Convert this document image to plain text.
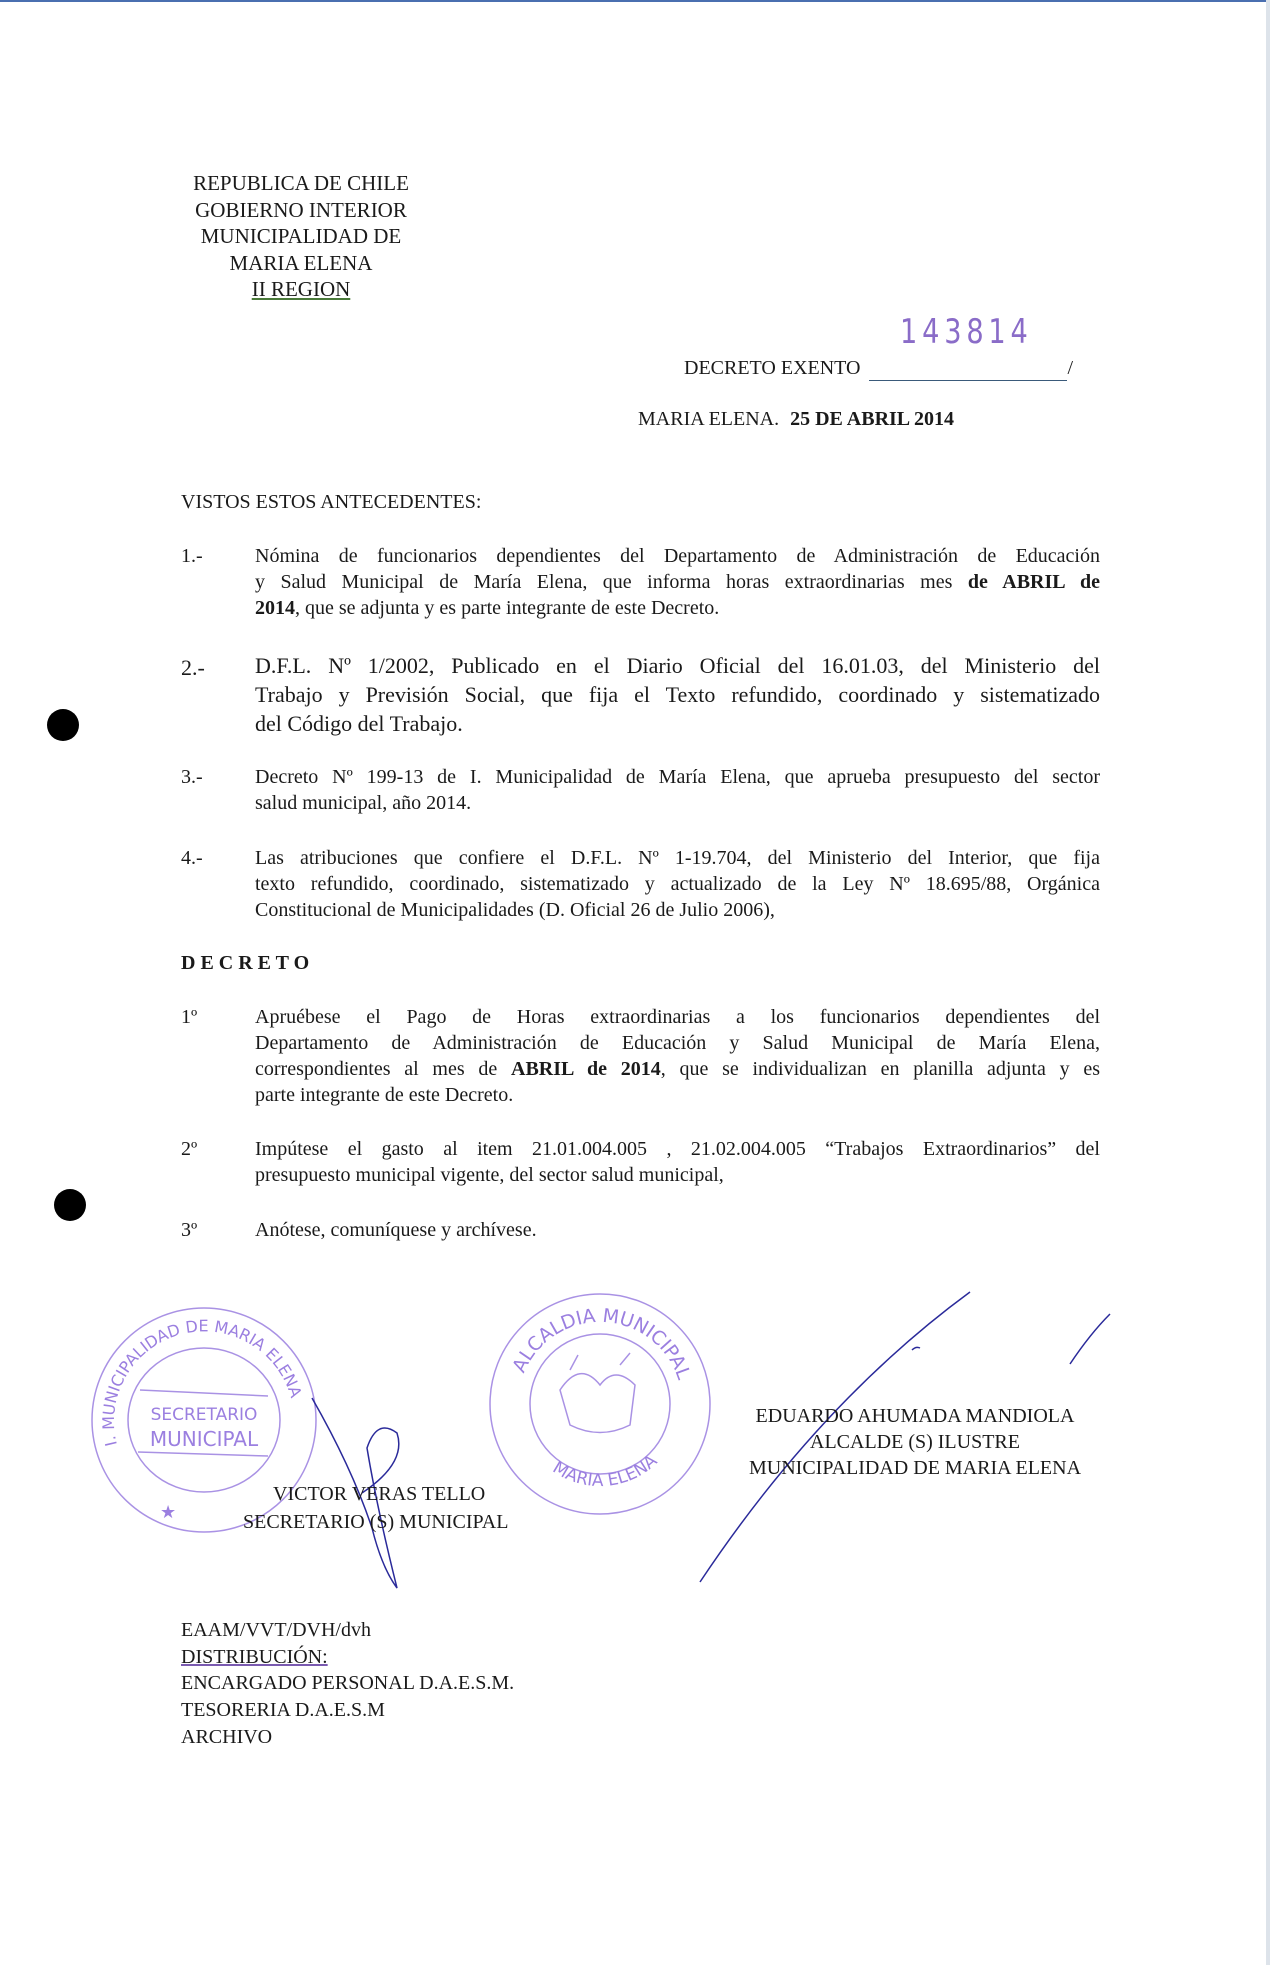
REPUBLICA DE CHILE
GOBIERNO INTERIOR
MUNICIPALIDAD DE
MARIA ELENA
II REGION
143814
DECRETO EXENTO	/
MARIA ELENA. 25 DE ABRIL 2014
VISTOS ESTOS ANTECEDENTES:
1.-	Nómina de funcionarios dependientes del Departamento de Administración de Educación
y Salud Municipal de María Elena, que informa horas extraordinarias mes de ABRIL de
2014, que se adjunta y es parte integrante de este Decreto.
2.- D.F.L. Nº 1/2002, Publicado en el Diario Oficial del 16.01.03, del Ministerio del
Trabajo y Previsión Social, que fija el Texto refundido, coordinado y sistematizado
del Código del Trabajo.
3.-	Decreto Nº 199-13 de I. Municipalidad de María Elena, que aprueba presupuesto del sector
salud municipal, año 2014.
4.-	Las atribuciones que confiere el D.F.L. Nº 1-19.704, del Ministerio del Interior, que fija
texto refundido, coordinado, sistematizado y actualizado de la Ley Nº 18.695/88, Orgánica
Constitucional de Municipalidades (D. Oficial 26 de Julio 2006),
D E C R E T O
1º	Apruébese el Pago de Horas extraordinarias a los funcionarios dependientes del
Departamento de Administración de Educación y Salud Municipal de María Elena,
correspondientes al mes de ABRIL de 2014, que se individualizan en planilla adjunta y es
parte integrante de este Decreto.
2º	Impútese el gasto al item 21.01.004.005 , 21.02.004.005 “Trabajos Extraordinarios” del
presupuesto municipal vigente, del sector salud municipal,
3º	Anótese, comuníquese y archívese.
I. MUNICIPALIDAD DE MARIA ELENA
SECRETARIO
MUNICIPAL
★
ALCALDIA MUNICIPAL
MARIA ELENA
VICTOR VERAS TELLO
SECRETARIO (S) MUNICIPAL
EDUARDO AHUMADA MANDIOLA
ALCALDE (S) ILUSTRE
MUNICIPALIDAD DE MARIA ELENA
EAAM/VVT/DVH/dvh
DISTRIBUCIÓN:
ENCARGADO PERSONAL D.A.E.S.M.
TESORERIA D.A.E.S.M
ARCHIVO
